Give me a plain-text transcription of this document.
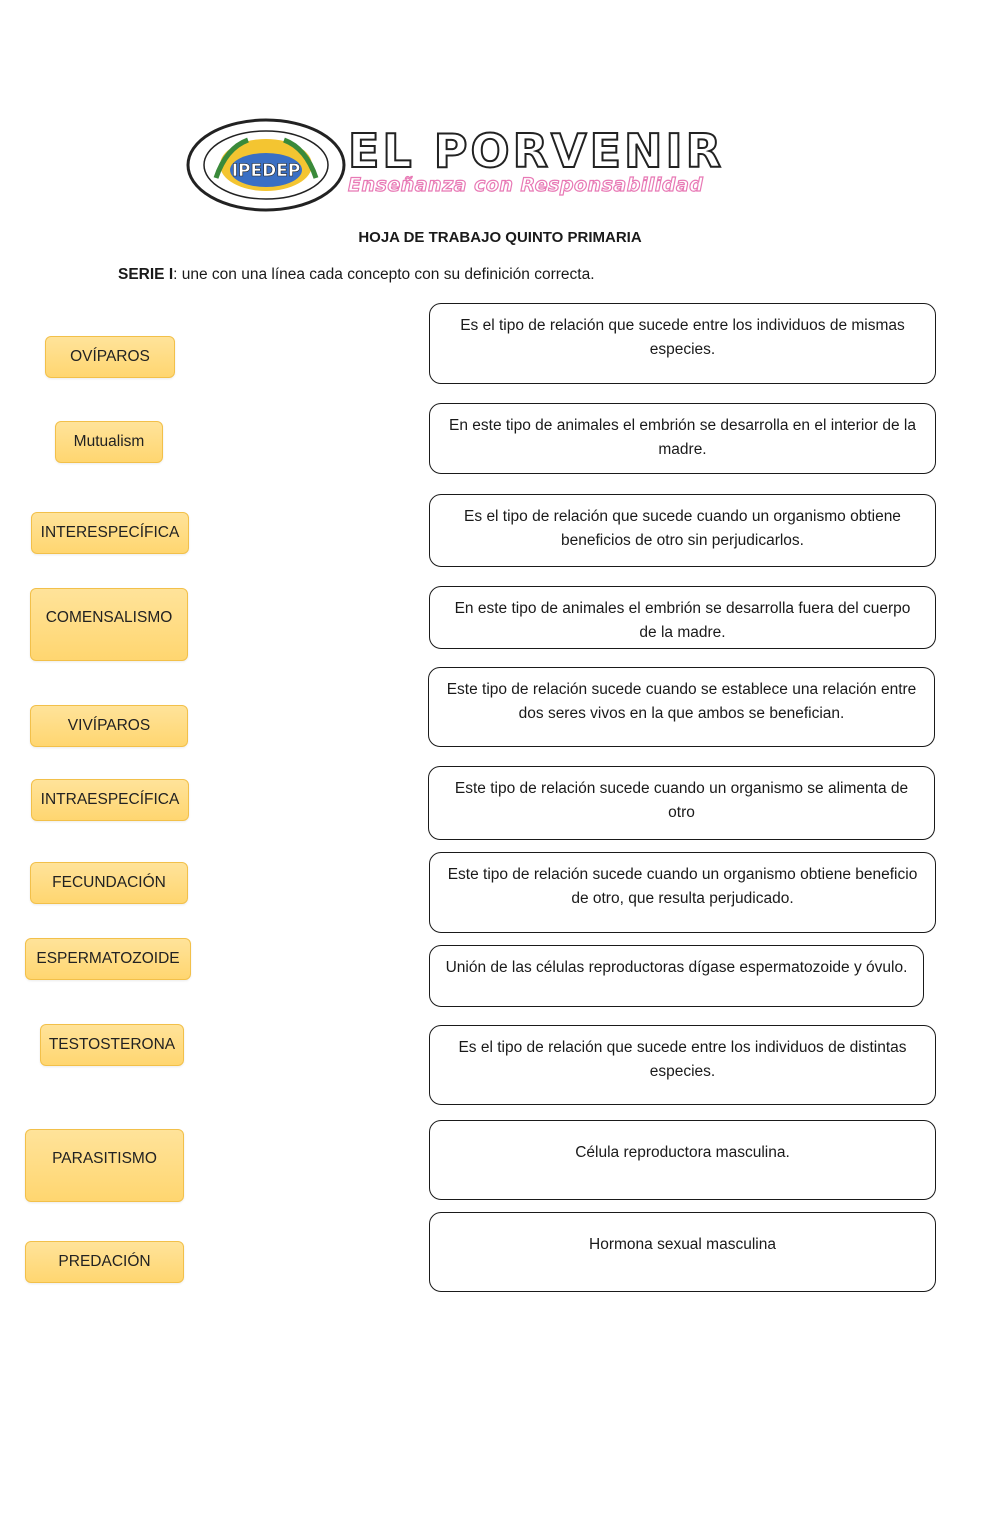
IPEDEP EL PORVENIR
Enseñanza con Responsabilidad
HOJA DE TRABAJO QUINTO PRIMARIA
SERIE I: une con una línea cada concepto con su definición correcta.
OVÍPAROS
Mutualism
INTERESPECÍFICA
COMENSALISMO
VIVÍPAROS
INTRAESPECÍFICA
FECUNDACIÓN
ESPERMATOZOIDE
TESTOSTERONA
PARASITISMO
PREDACIÓN
Es el tipo de relación que sucede entre los individuos de mismas especies.
En este tipo de animales el embrión se desarrolla en el interior de la madre.
Es el tipo de relación que sucede cuando un organismo obtiene beneficios de otro sin perjudicarlos.
En este tipo de animales el embrión se desarrolla fuera del cuerpo de la madre.
Este tipo de relación sucede cuando se establece una relación entre dos seres vivos en la que ambos se benefician.
Este tipo de relación sucede cuando un organismo se alimenta de otro
Este tipo de relación sucede cuando un organismo obtiene beneficio de otro, que resulta perjudicado.
Unión de las células reproductoras dígase espermatozoide y óvulo.
Es el tipo de relación que sucede entre los individuos de distintas especies.
Célula reproductora masculina.
Hormona sexual masculina
